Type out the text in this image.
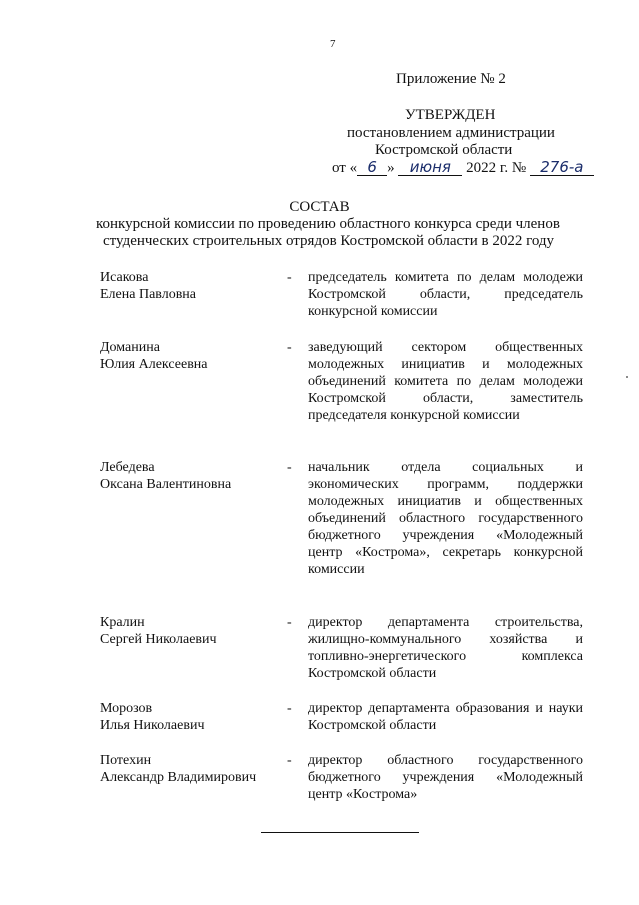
7
Приложение № 2
УТВЕРЖДЕН
постановлением администрации
Костромской области
от « 6 » июня 2022 г. № 276-а
СОСТАВ
конкурсной комиссии по проведению областного конкурса среди членов
студенческих строительных отрядов Костромской области в 2022 году
Исакова
Елена Павловна
- председатель комитета по делам молодежи Костромской области, председатель конкурсной комиссии
Доманина
Юлия Алексеевна
- заведующий сектором общественных молодежных инициатив и молодежных объединений комитета по делам молодежи Костромской области, заместитель председателя конкурсной комиссии
Лебедева
Оксана Валентиновна
- начальник отдела социальных и экономических программ, поддержки молодежных инициатив и общественных объединений областного государственного бюджетного учреждения «Молодежный центр «Кострома», секретарь конкурсной комиссии
Кралин
Сергей Николаевич
- директор департамента строительства, жилищно-коммунального хозяйства и топливно-энергетического комплекса Костромской области
Морозов
Илья Николаевич
- директор департамента образования и науки Костромской области
Потехин
Александр Владимирович
- директор областного государственного бюджетного учреждения «Молодежный центр «Кострома»
